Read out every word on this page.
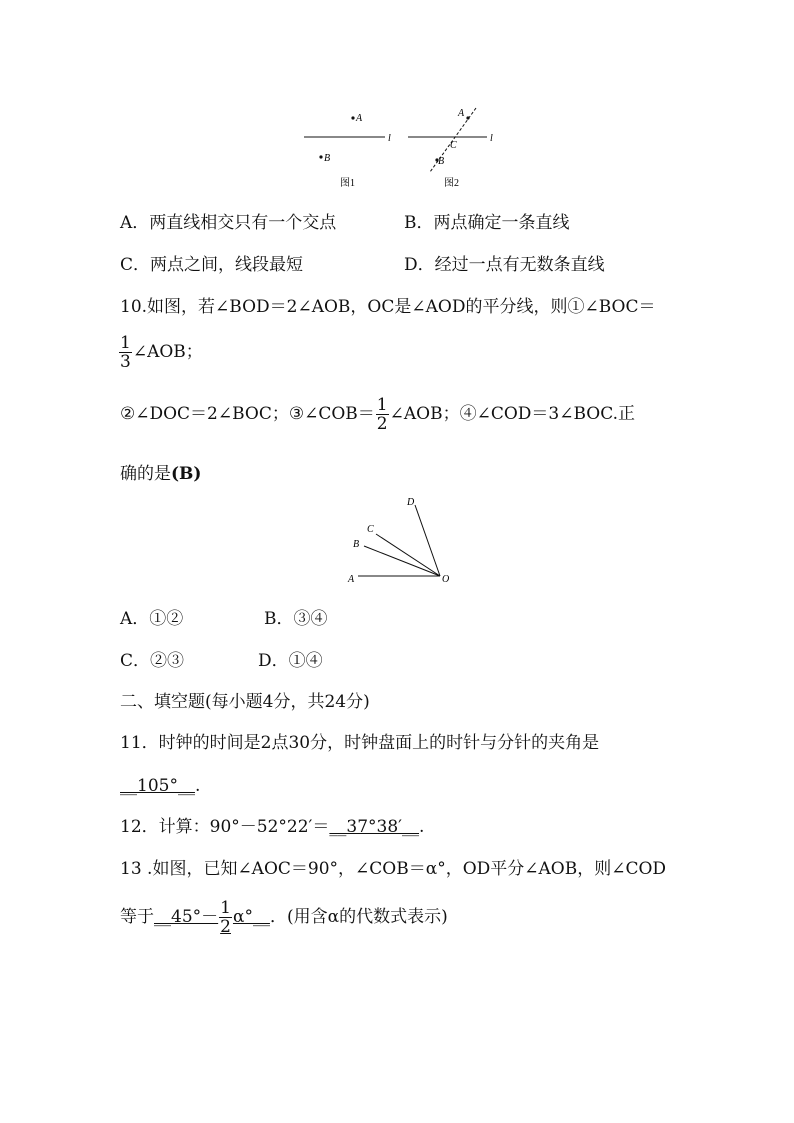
A
B
l
图1
A
B
C
l
图2
A．两直线相交只有一个交点	B．两点确定一条直线
C．两点之间，线段最短	D．经过一点有无数条直线
10.如图，若∠BOD＝2∠AOB，OC是∠AOD的平分线，则①∠BOC＝
$\frac{1}{3}$ ∠AOB；
②∠DOC＝2∠BOC；③∠COB＝ $\frac{1}{2}$ ∠AOB；④∠COD＝3∠BOC.正
确的是(B)
D
C
B
A	O
A．①②	B．③④
C．②③	D．①④
二、填空题(每小题4分，共24分)
11．时钟的时间是2点30分，时钟盘面上的时针与分针的夹角是
__105°__.
12．计算：90°－52°22′＝__37°38′__.
13 .如图，已知∠AOC＝90°，∠COB＝α°，OD平分∠AOB，则∠COD
等于__45°－ $\frac{1}{2}$ α°__．(用含α的代数式表示)
